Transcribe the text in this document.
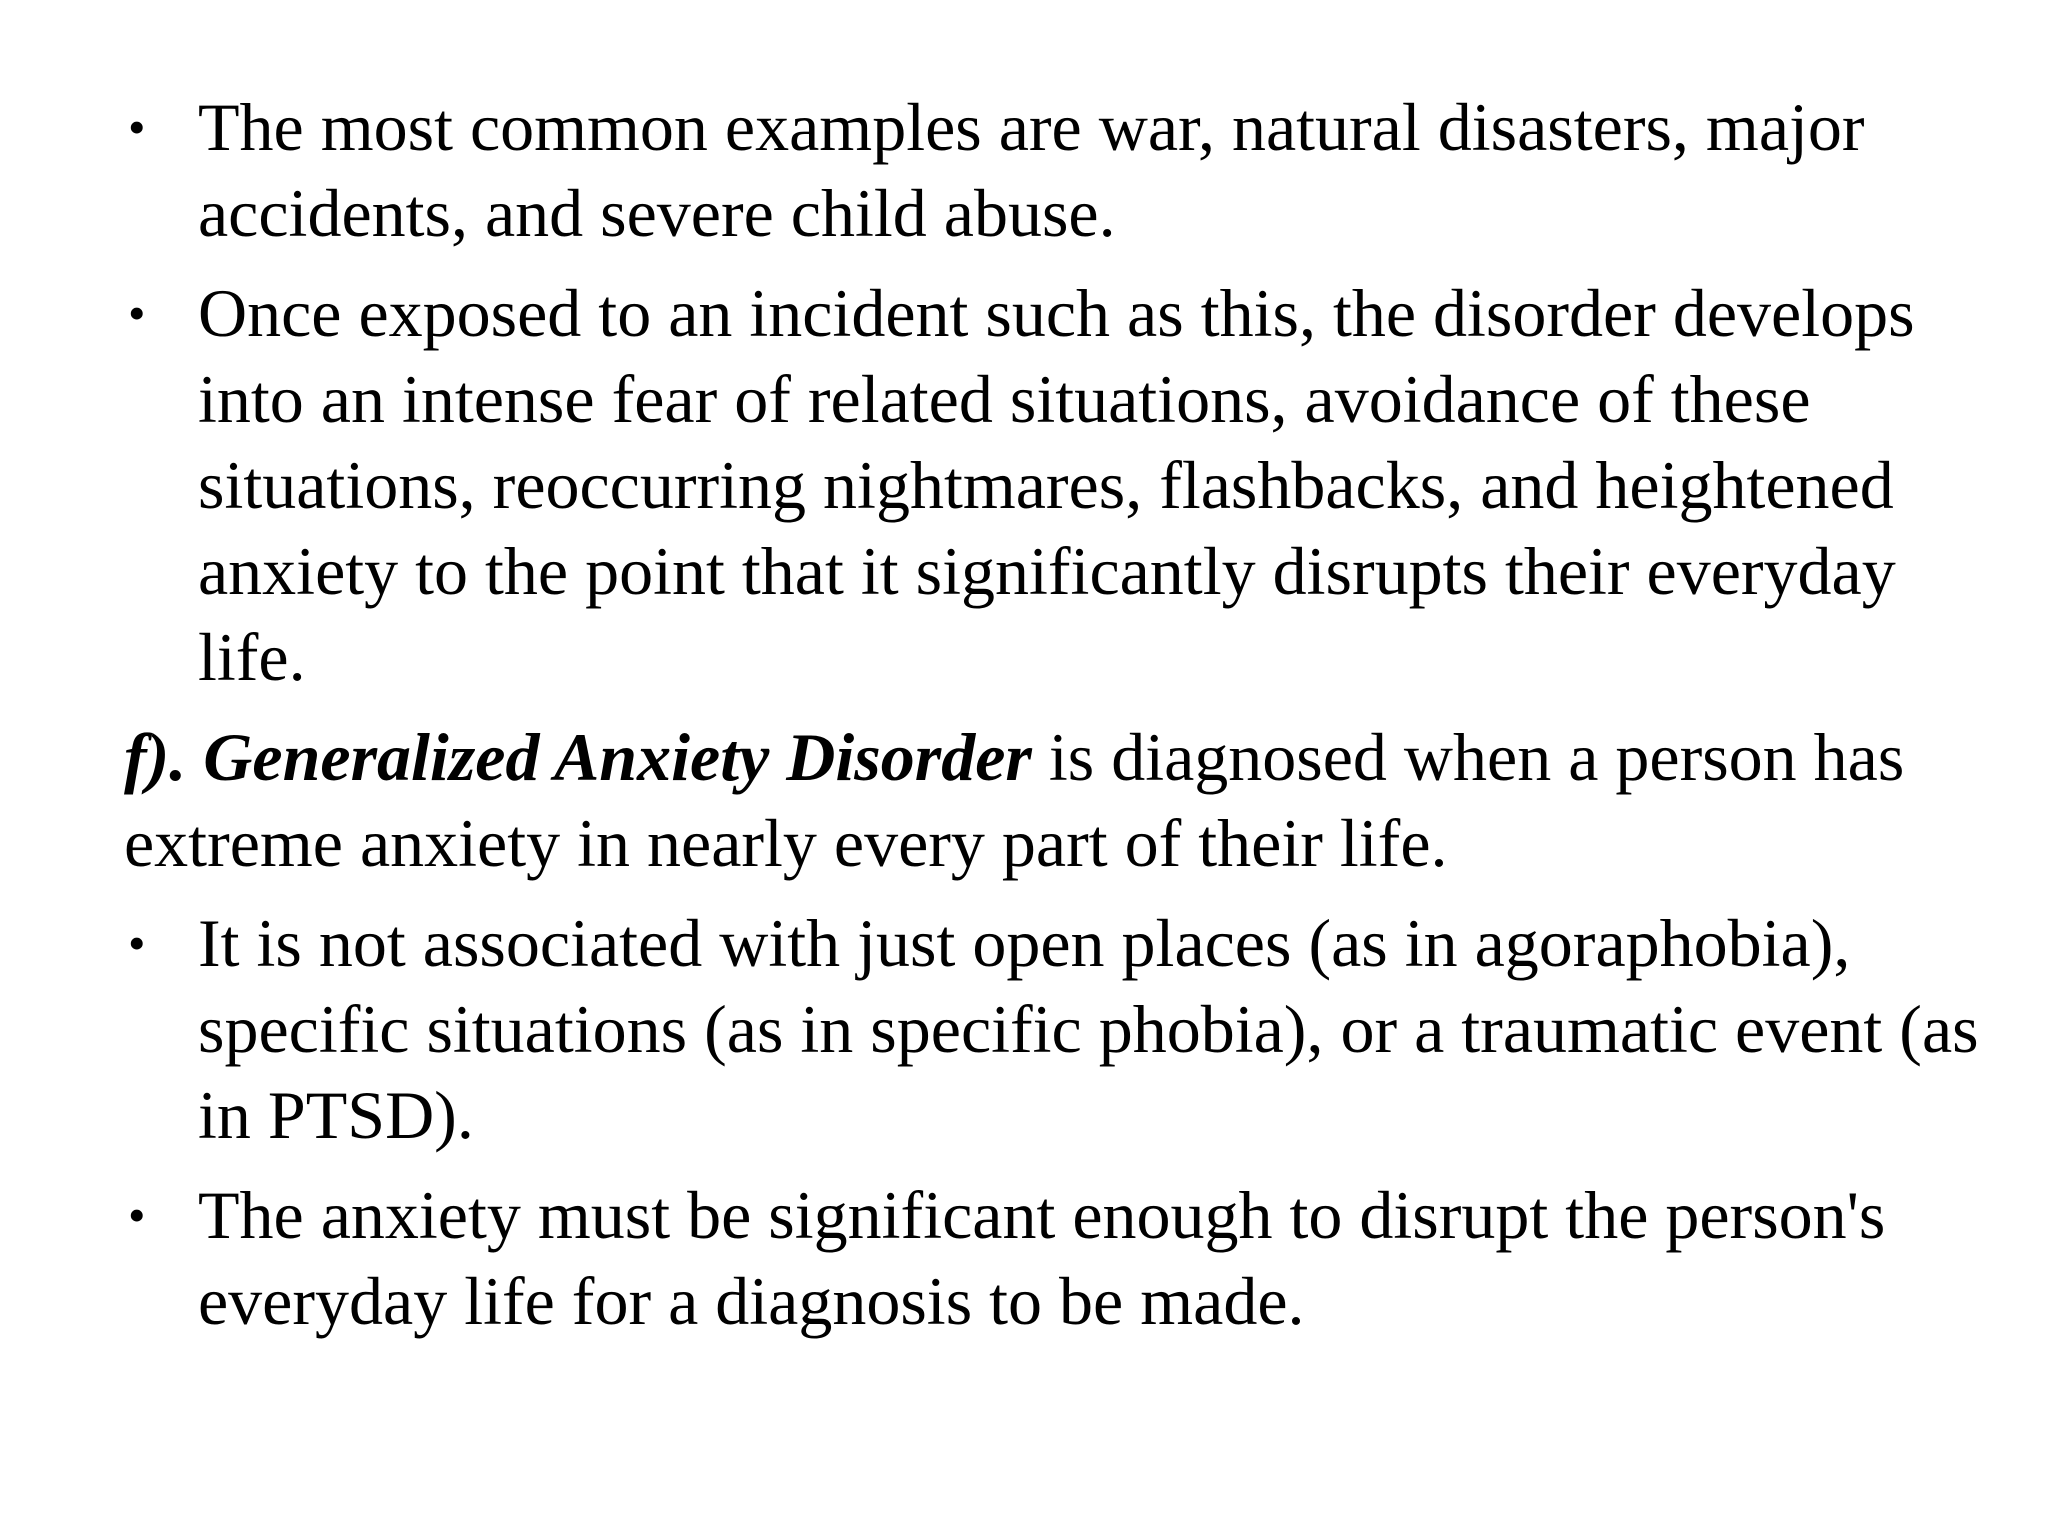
• The most common examples are war, natural disasters, major accidents, and severe child abuse.
• Once exposed to an incident such as this, the disorder develops into an intense fear of related situations, avoidance of these situations, reoccurring nightmares, flashbacks, and heightened anxiety to the point that it significantly disrupts their everyday life.

f). Generalized Anxiety Disorder is diagnosed when a person has extreme anxiety in nearly every part of their life.

• It is not associated with just open places (as in agoraphobia), specific situations (as in specific phobia), or a traumatic event (as in PTSD).
• The anxiety must be significant enough to disrupt the person's everyday life for a diagnosis to be made.
